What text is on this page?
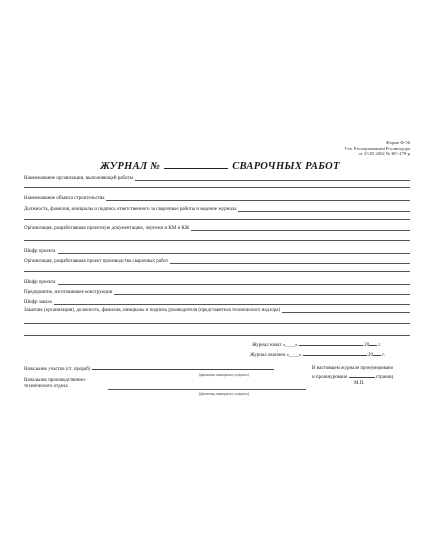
Форма Ф-56
Утв. Распоряжением Росавтодора
от 23.05.2002 № ИС-478-р
ЖУРНАЛ №	СВАРОЧНЫХ РАБОТ
Наименование организации, выполняющей работы
Наименование объекта строительства
Должность, фамилия, инициалы и подпись ответственного за сварочные работы и ведение журнала
Организация, разработавшая проектную документацию, чертежи и КМ и КЖ
Шифр проекта
Организация, разработавшая проект производства сварочных работ
Шифр проекта
Предприятие, изготовившее конструкции
Шифр заказа
Заказчик (организация), должность, фамилия, инициалы и подпись руководителя (представителя технического надзора)
Журнал начат «____»	20 г.
Журнал окончен «____»	20 г.
Начальник участка (ст. прораб)
(фамилия, инициалы, подпись)
Начальник производственно-
технического отдела
(фамилия, инициалы, подпись)
В настоящем журнале пронумеровано
и прошнуровано	страниц
М.П.
